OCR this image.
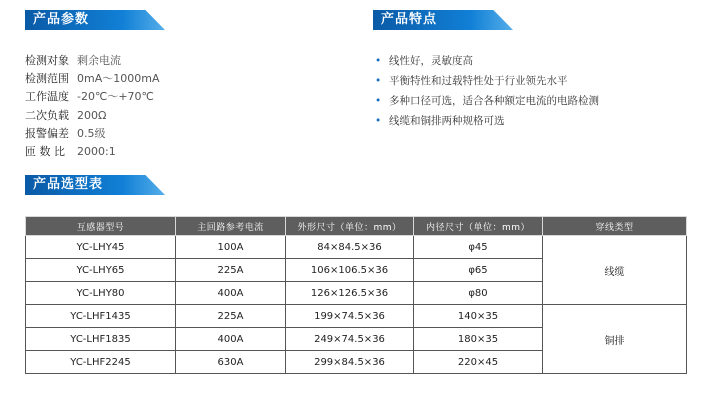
产品参数	产品特点
检测对象 剩余电流
检测范围 0mA～1000mA
工作温度 -20℃～+70℃
二次负载 200Ω
报警偏差 0.5级
匝 数 比	2000:1
• 线性好，灵敏度高
• 平衡特性和过载特性处于行业领先水平
• 多种口径可选，适合各种额定电流的电路检测
• 线缆和铜排两种规格可选
产品选型表
互感器型号	主回路参考电流	外形尺寸（单位：mm）	内径尺寸（单位：mm）	穿线类型
YC-LHY45	100A	84×84.5×36	φ45	线缆
YC-LHY65	225A	106×106.5×36	φ65	
YC-LHY80	400A	126×126.5×36	φ80	
YC-LHF1435	225A	199×74.5×36	140×35	铜排
YC-LHF1835	400A	249×74.5×36	180×35	
YC-LHF2245	630A	299×84.5×36	220×45	
